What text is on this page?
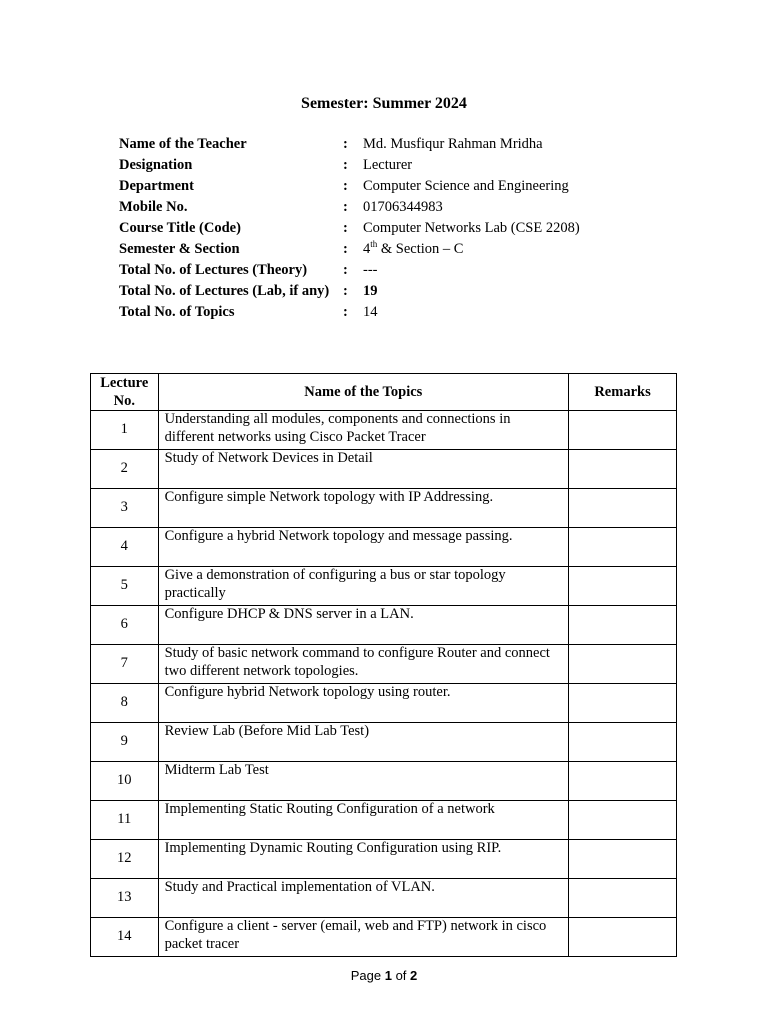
Semester: Summer 2024
Name of the Teacher	:	Md. Musfiqur Rahman Mridha
Designation	:	Lecturer
Department	:	Computer Science and Engineering
Mobile No.	:	01706344983
Course Title (Code)	:	Computer Networks Lab (CSE 2208)
Semester & Section	:	4th & Section – C
Total No. of Lectures (Theory)	:	---
Total No. of Lectures (Lab, if any) :	19
Total No. of Topics	:	14
Lecture No.	Name of the Topics	Remarks
1	Understanding all modules, components and connections in different networks using Cisco Packet Tracer	
2	Study of Network Devices in Detail	
3	Configure simple Network topology with IP Addressing.	
4	Configure a hybrid Network topology and message passing.	
5	Give a demonstration of configuring a bus or star topology practically	
6	Configure DHCP & DNS server in a LAN.	
7	Study of basic network command to configure Router and connect two different network topologies.	
8	Configure hybrid Network topology using router.	
9	Review Lab (Before Mid Lab Test)	
10	Midterm Lab Test	
11	Implementing Static Routing Configuration of a network	
12	Implementing Dynamic Routing Configuration using RIP.	
13	Study and Practical implementation of VLAN.	
14	Configure a client - server (email, web and FTP) network in cisco packet tracer	
Page 1 of 2
